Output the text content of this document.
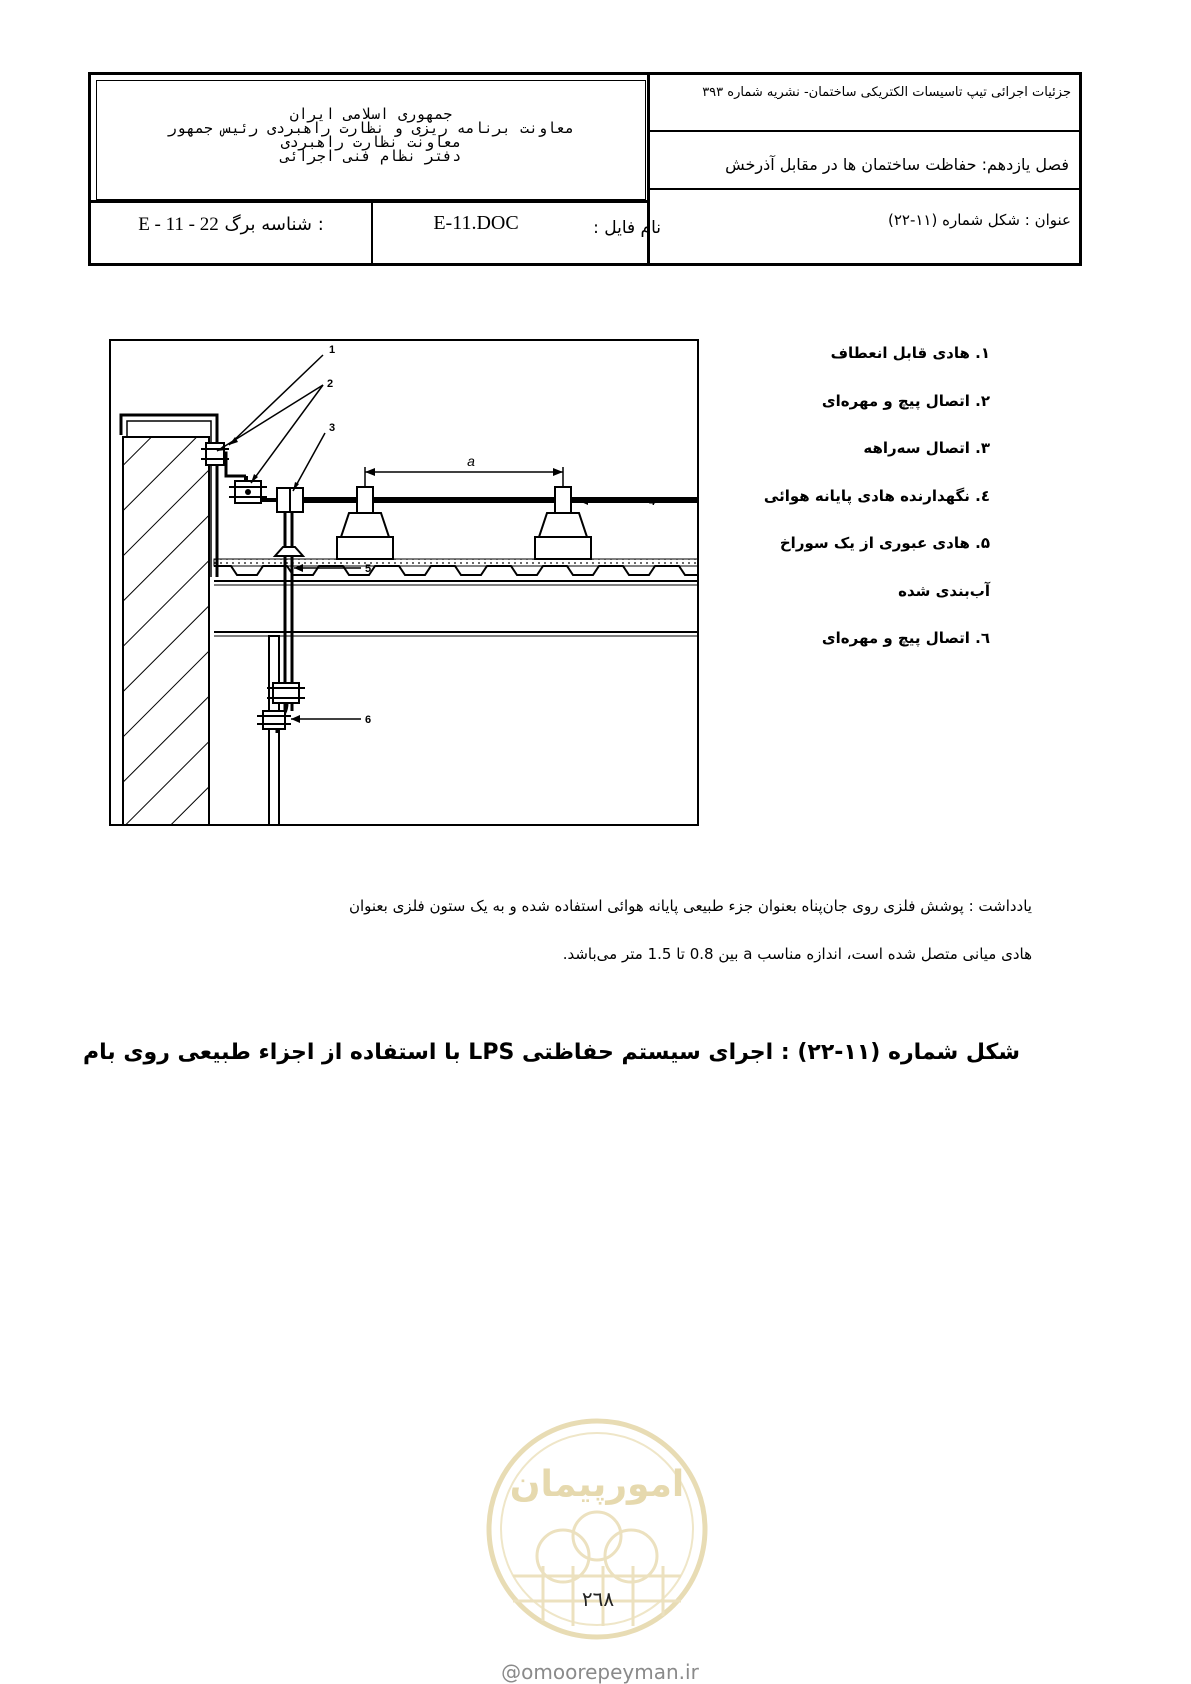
جمهوری اسلامی ایران
معاونت برنامه ریزی و نظارت راهبردی رئیس جمهور
معاونت نظارت راهبردی
دفتر نظام فنی اجرائی
جزئیات اجرائی تیپ تاسیسات الکتریکی ساختمان- نشریه شماره ۳۹۳
فصل یازدهم: حفاظت ساختمان ها در مقابل آذرخش
عنوان : شکل شماره (۱۱-۲۲)
نام فایل :
E-11.DOC
E - 11 - 22 شناسه برگ :
a
1
2
3
4
5
6
۱. هادی قابل انعطاف
۲. اتصال پیچ و مهره‌ای
۳. اتصال سه‌راهه
٤. نگهدارنده هادی پایانه هوائی
۵. هادی عبوری از یک سوراخ
آب‌بندی شده
٦. اتصال پیچ و مهره‌ای
یادداشت : پوشش فلزی روی جان‌پناه بعنوان جزء طبیعی پایانه هوائی استفاده شده و به یک ستون فلزی بعنوان
هادی میانی متصل شده است، اندازه مناسب a بین 0.8 تا 1.5 متر می‌باشد.
شکل شماره (۱۱-۲۲) : اجرای سیستم حفاظتی LPS با استفاده از اجزاء طبیعی روی بام
امورپیمان
۲٦۸
@omoorepeyman.ir
